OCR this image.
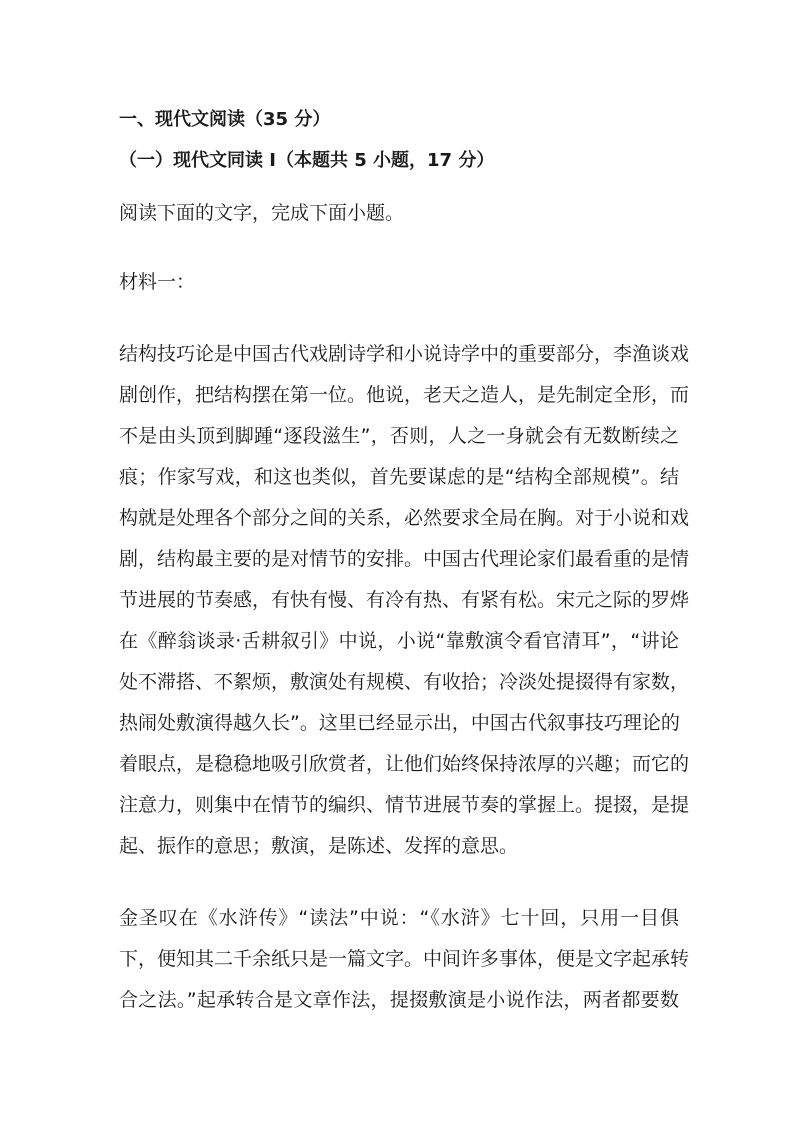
一、现代文阅读（35 分）
（一）现代文同读 I（本题共 5 小题，17 分）
阅读下面的文字，完成下面小题。
材料一：
结构技巧论是中国古代戏剧诗学和小说诗学中的重要部分，李渔谈戏
剧创作，把结构摆在第一位。他说，老天之造人，是先制定全形，而
不是由头顶到脚踵“逐段滋生”，否则，人之一身就会有无数断续之
痕；作家写戏，和这也类似，首先要谋虑的是“结构全部规模”。结
构就是处理各个部分之间的关系，必然要求全局在胸。对于小说和戏
剧，结构最主要的是对情节的安排。中国古代理论家们最看重的是情
节进展的节奏感，有快有慢、有冷有热、有紧有松。宋元之际的罗烨
在《醉翁谈录·舌耕叙引》中说，小说“靠敷演令看官清耳”，“讲论
处不滞搭、不絮烦，敷演处有规模、有收拾；冷淡处提掇得有家数，
热闹处敷演得越久长”。这里已经显示出，中国古代叙事技巧理论的
着眼点，是稳稳地吸引欣赏者，让他们始终保持浓厚的兴趣；而它的
注意力，则集中在情节的编织、情节进展节奏的掌握上。提掇，是提
起、振作的意思；敷演，是陈述、发挥的意思。
金圣叹在《水浒传》“读法”中说：“《水浒》七十回，只用一目俱
下，便知其二千余纸只是一篇文字。中间许多事体，便是文字起承转
合之法。”起承转合是文章作法，提掇敷演是小说作法，两者都要数
